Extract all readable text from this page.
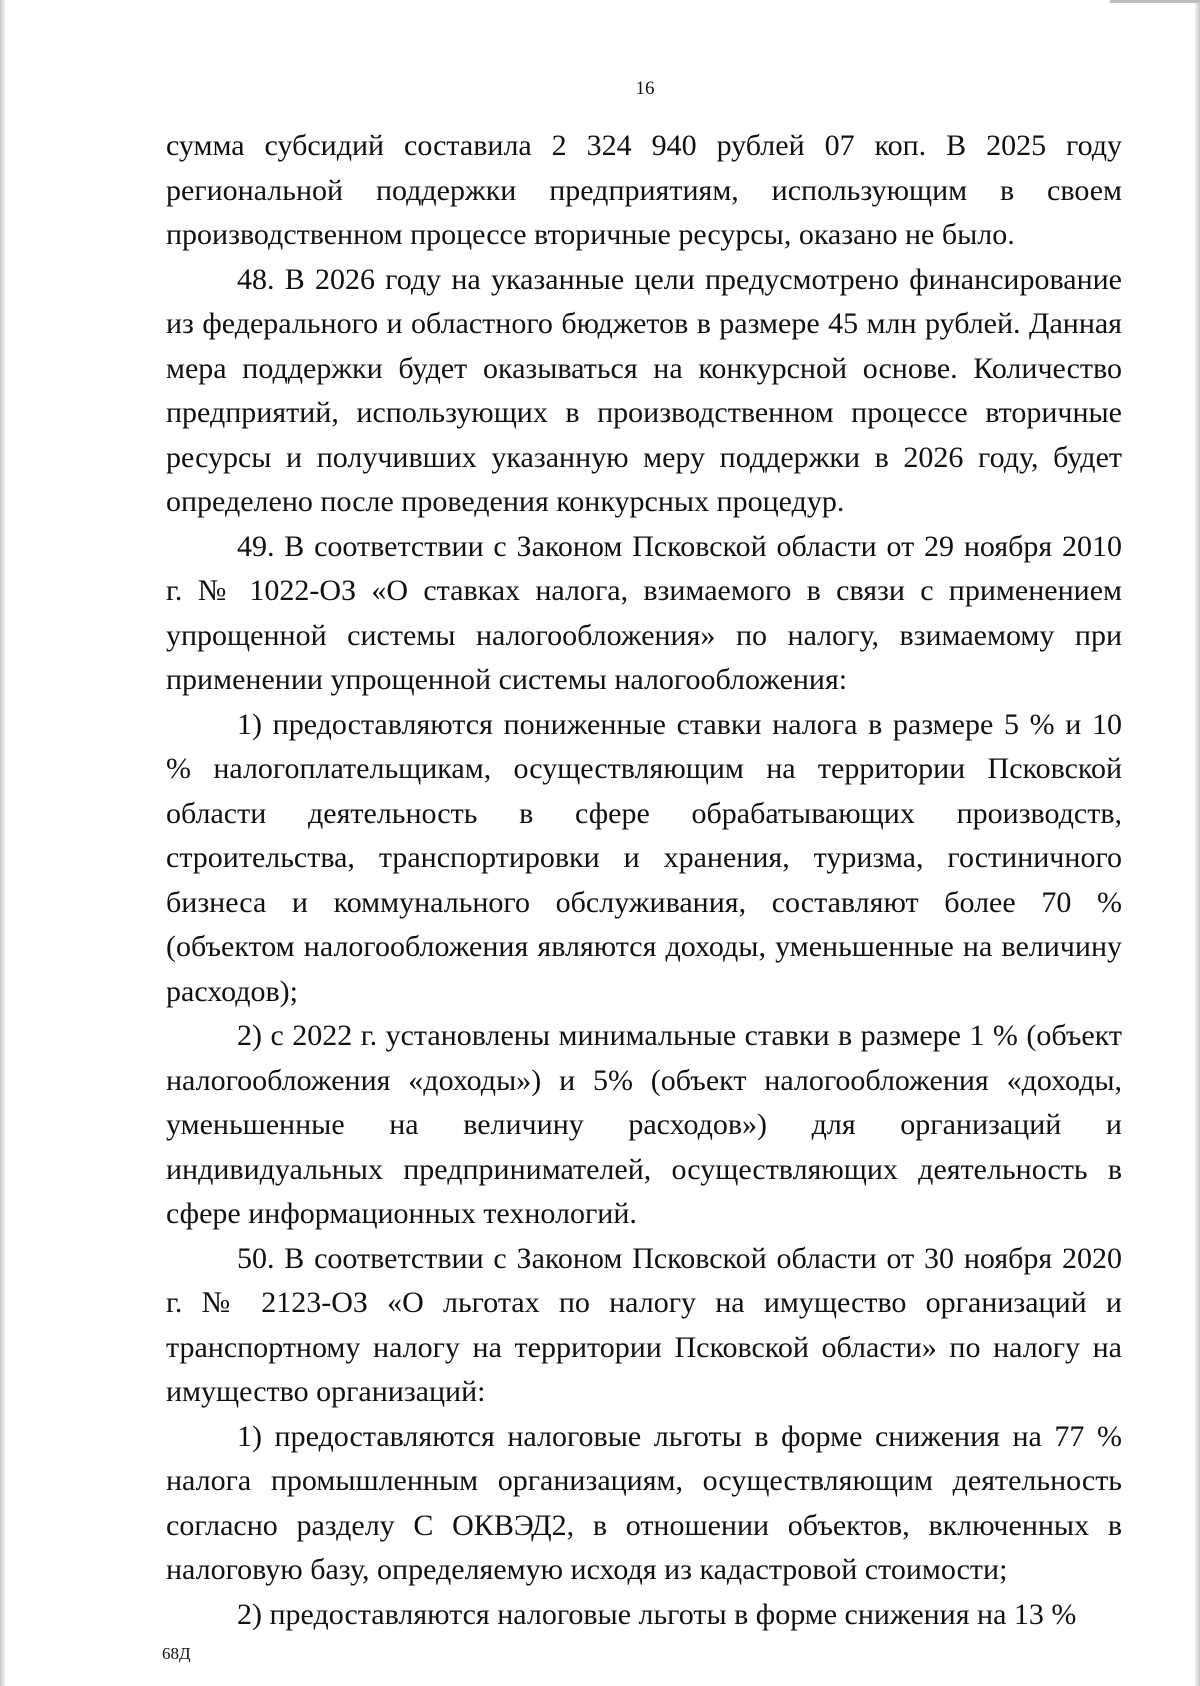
16

сумма субсидий составила 2 324 940 рублей 07 коп. В 2025 году региональной поддержки предприятиям, использующим в своем производственном процессе вторичные ресурсы, оказано не было.

48. В 2026 году на указанные цели предусмотрено финансирование из федерального и областного бюджетов в размере 45 млн рублей. Данная мера поддержки будет оказываться на конкурсной основе. Количество предприятий, использующих в производственном процессе вторичные ресурсы и получивших указанную меру поддержки в 2026 году, будет определено после проведения конкурсных процедур.

49. В соответствии с Законом Псковской области от 29 ноября 2010 г. № 1022-ОЗ «О ставках налога, взимаемого в связи с применением упрощенной системы налогообложения» по налогу, взимаемому при применении упрощенной системы налогообложения:

1) предоставляются пониженные ставки налога в размере 5 % и 10 % налогоплательщикам, осуществляющим на территории Псковской области деятельность в сфере обрабатывающих производств, строительства, транспортировки и хранения, туризма, гостиничного бизнеса и коммунального обслуживания, составляют более 70 % (объектом налогообложения являются доходы, уменьшенные на величину расходов);

2) с 2022 г. установлены минимальные ставки в размере 1 % (объект налогообложения «доходы») и 5% (объект налогообложения «доходы, уменьшенные на величину расходов») для организаций и индивидуальных предпринимателей, осуществляющих деятельность в сфере информационных технологий.

50. В соответствии с Законом Псковской области от 30 ноября 2020 г. № 2123-ОЗ «О льготах по налогу на имущество организаций и транспортному налогу на территории Псковской области» по налогу на имущество организаций:

1) предоставляются налоговые льготы в форме снижения на 77 % налога промышленным организациям, осуществляющим деятельность согласно разделу С ОКВЭД2, в отношении объектов, включенных в налоговую базу, определяемую исходя из кадастровой стоимости;

2) предоставляются налоговые льготы в форме снижения на 13 %

68Д
